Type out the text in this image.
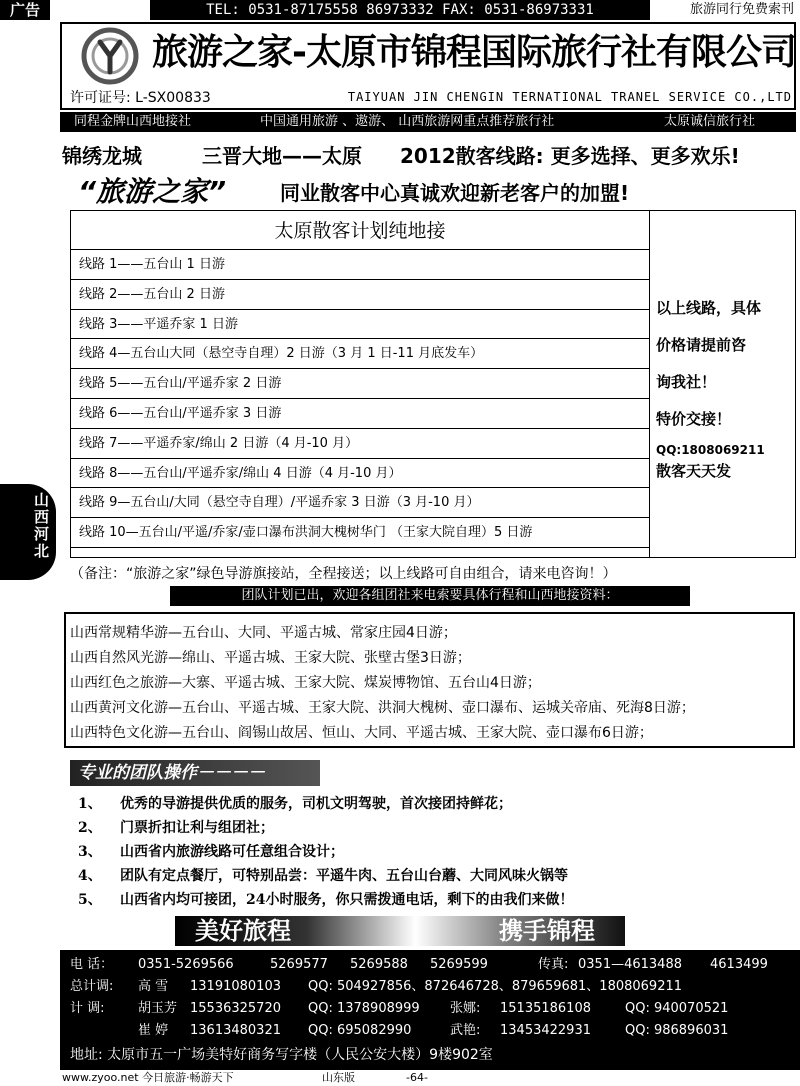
广告	TEL: 0531-87175558 86973332 FAX: 0531-86973331	旅游同行免费索刊
旅游之家-太原市锦程国际旅行社有限公司
许可证号: L-SX00833	TAIYUAN JIN CHENGIN TERNATIONAL TRANEL SERVICE CO.,LTD
同程金牌山西地接社	中国通用旅游 、遨游、 山西旅游网重点推荐旅行社	太原诚信旅行社
锦绣龙城	三晋大地——太原 2012散客线路: 更多选择、更多欢乐!
“旅游之家”	同业散客中心真诚欢迎新老客户的加盟!
太原散客计划纯地接
线路 1——五台山 1 日游
线路 2——五台山 2 日游
线路 3——平遥乔家 1 日游
线路 4—五台山大同（悬空寺自理）2 日游（3 月 1 日-11 月底发车）
线路 5——五台山/平遥乔家 2 日游
线路 6——五台山/平遥乔家 3 日游
线路 7——平遥乔家/绵山 2 日游（4 月-10 月）
线路 8——五台山/平遥乔家/绵山 4 日游（4 月-10 月）
线路 9—五台山/大同（悬空寺自理）/平遥乔家 3 日游（3 月-10 月）
线路 10—五台山/平遥/乔家/壶口瀑布洪洞大槐树华门 （王家大院自理）5 日游
以上线路，具体
价格请提前咨
询我社！
特价交接！
QQ:1808069211
散客天天发
山西河北
（备注：“旅游之家”绿色导游旗接站，全程接送；以上线路可自由组合，请来电咨询！）
团队计划已出，欢迎各组团社来电索要具体行程和山西地接资料：
山西常规精华游—五台山、大同、平遥古城、常家庄园4日游；
山西自然风光游—绵山、平遥古城、王家大院、张壁古堡3日游；
山西红色之旅游—大寨、平遥古城、王家大院、煤炭博物馆、五台山4日游；
山西黄河文化游—五台山、平遥古城、王家大院、洪洞大槐树、壶口瀑布、运城关帝庙、死海8日游；
山西特色文化游—五台山、阎锡山故居、恒山、大同、平遥古城、王家大院、壶口瀑布6日游；
专业的团队操作－－－－
1、 优秀的导游提供优质的服务，司机文明驾驶，首次接团持鲜花；
2、 门票折扣让利与组团社；
3、 山西省内旅游线路可任意组合设计；
4、 团队有定点餐厅，可特别品尝：平遥牛肉、五台山台蘑、大同风味火锅等
5、 山西省内均可接团，24小时服务，你只需拨通电话，剩下的由我们来做！
美好旅程	携手锦程
电 话： 0351-5269566	5269577 5269588 5269599	传真: 0351—4613488 4613499
总计调: 高 雪 13191080103 QQ: 504927856、872646728、879659681、1808069211
计 调:	胡玉芳 15536325720 QQ: 1378908999 张娜: 15135186108	QQ: 940070521
崔 婷 13613480321 QQ: 695082990	武艳: 13453422931	QQ: 986896031
地址: 太原市五一广场美特好商务写字楼（人民公安大楼）9楼902室
www.zyoo.net 今日旅游·畅游天下	山东版	-64-
